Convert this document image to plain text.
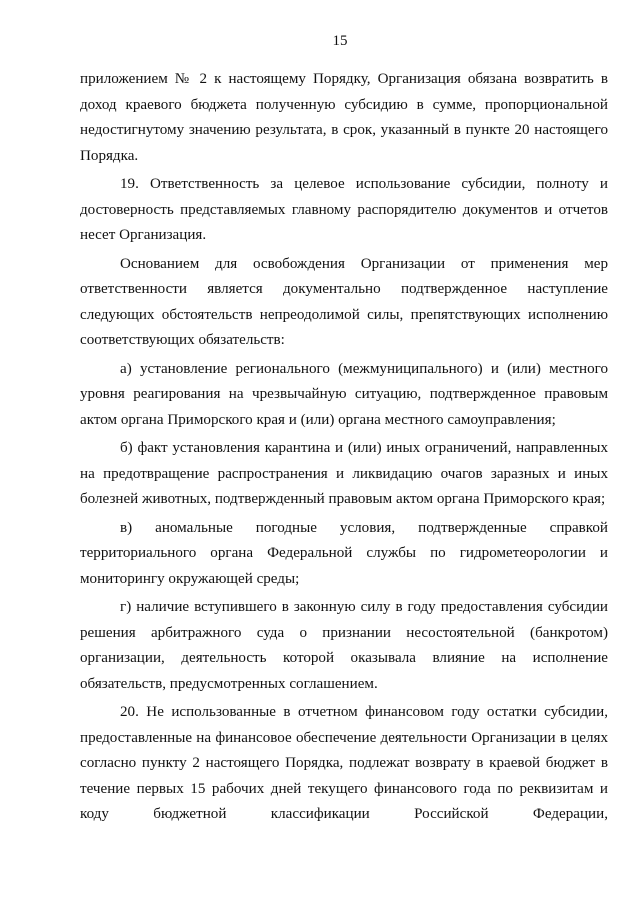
15

приложением № 2 к настоящему Порядку, Организация обязана возвратить в доход краевого бюджета полученную субсидию в сумме, пропорциональной недостигнутому значению результата, в срок, указанный в пункте 20 настоящего Порядка.

19. Ответственность за целевое использование субсидии, полноту и достоверность представляемых главному распорядителю документов и отчетов несет Организация.

Основанием для освобождения Организации от применения мер ответственности является документально подтвержденное наступление следующих обстоятельств непреодолимой силы, препятствующих исполнению соответствующих обязательств:

а) установление регионального (межмуниципального) и (или) местного уровня реагирования на чрезвычайную ситуацию, подтвержденное правовым актом органа Приморского края и (или) органа местного самоуправления;

б) факт установления карантина и (или) иных ограничений, направленных на предотвращение распространения и ликвидацию очагов заразных и иных болезней животных, подтвержденный правовым актом органа Приморского края;

в) аномальные погодные условия, подтвержденные справкой территориального органа Федеральной службы по гидрометеорологии и мониторингу окружающей среды;

г) наличие вступившего в законную силу в году предоставления субсидии решения арбитражного суда о признании несостоятельной (банкротом) организации, деятельность которой оказывала влияние на исполнение обязательств, предусмотренных соглашением.

20. Не использованные в отчетном финансовом году остатки субсидии, предоставленные на финансовое обеспечение деятельности Организации в целях согласно пункту 2 настоящего Порядка, подлежат возврату в краевой бюджет в течение первых 15 рабочих дней текущего финансового года по реквизитам и коду бюджетной классификации Российской Федерации,
